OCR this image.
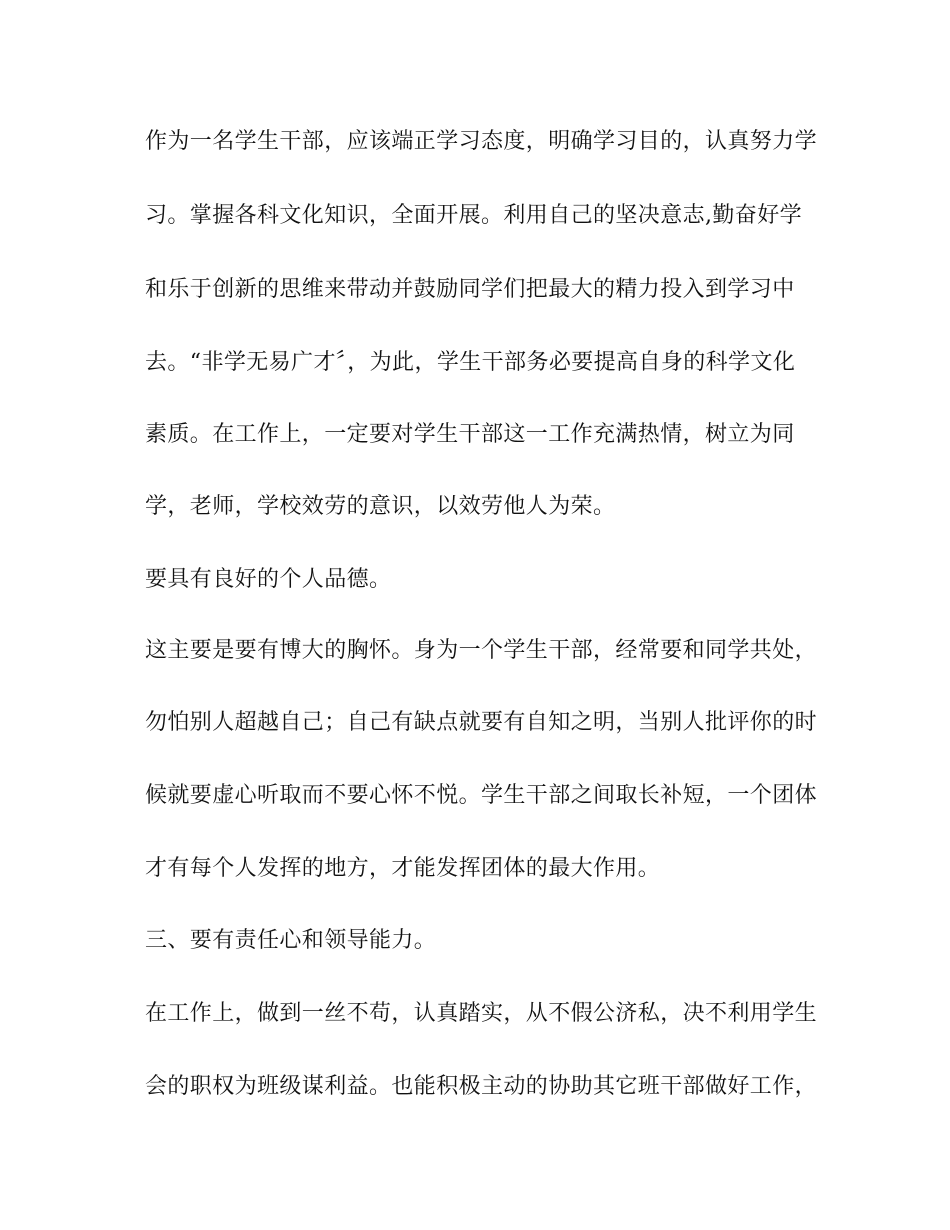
作为一名学生干部，应该端正学习态度，明确学习目的，认真努力学

习。掌握各科文化知识，全面开展。利用自己的坚决意志,勤奋好学

和乐于创新的思维来带动并鼓励同学们把最大的精力投入到学习中

去。“非学无易广才〞，为此，学生干部务必要提高自身的科学文化

素质。在工作上，一定要对学生干部这一工作充满热情，树立为同

学，老师，学校效劳的意识，以效劳他人为荣。

要具有良好的个人品德。

这主要是要有博大的胸怀。身为一个学生干部，经常要和同学共处，

勿怕别人超越自己；自己有缺点就要有自知之明，当别人批评你的时

候就要虚心听取而不要心怀不悦。学生干部之间取长补短，一个团体

才有每个人发挥的地方，才能发挥团体的最大作用。

三、要有责任心和领导能力。

在工作上，做到一丝不苟，认真踏实，从不假公济私，决不利用学生

会的职权为班级谋利益。也能积极主动的协助其它班干部做好工作，
